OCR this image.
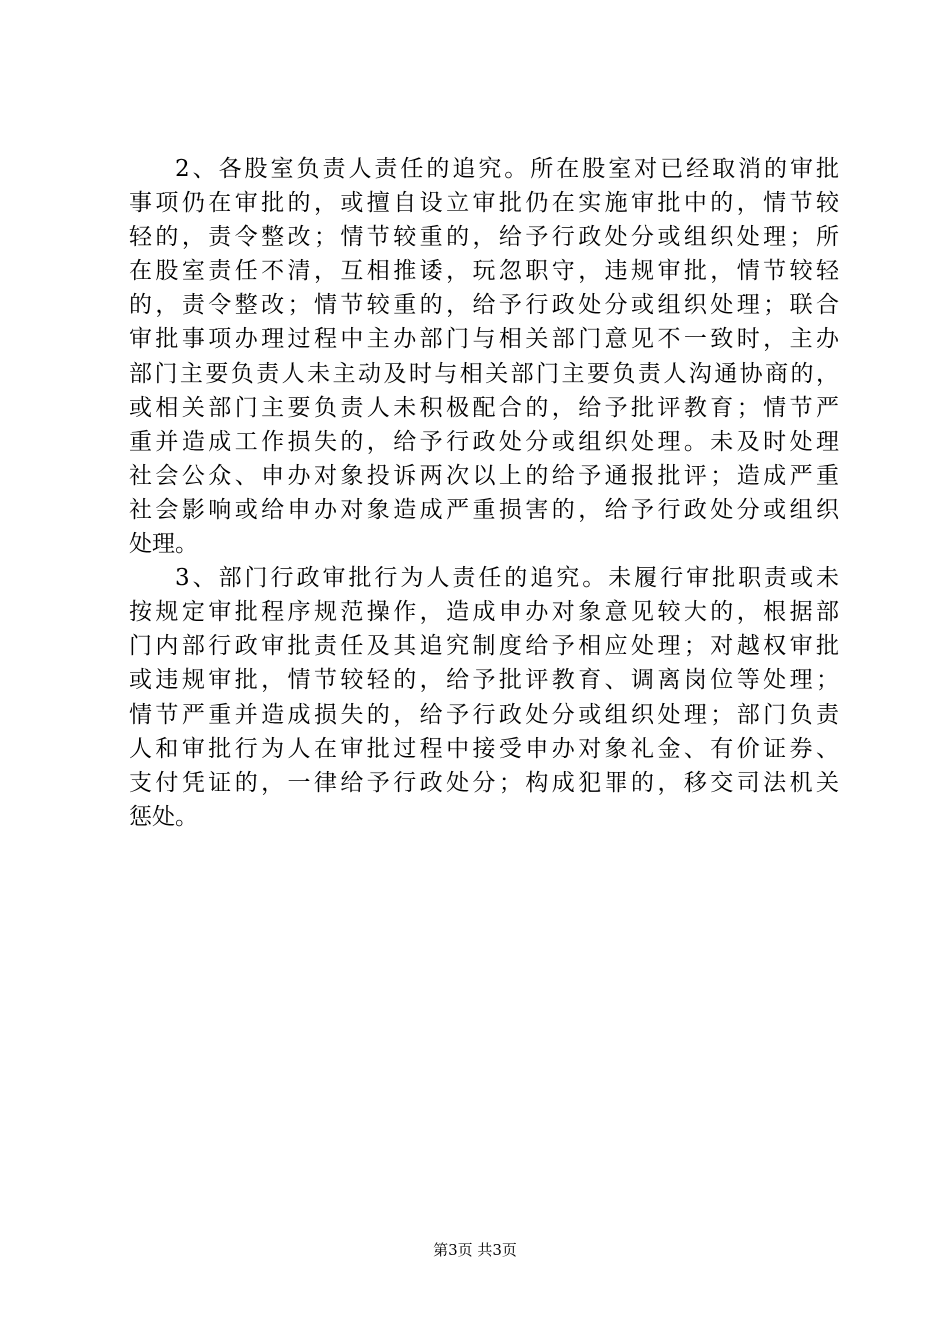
2、各股室负责人责任的追究。所在股室对已经取消的审批
事项仍在审批的，或擅自设立审批仍在实施审批中的，情节较
轻的，责令整改；情节较重的，给予行政处分或组织处理；所
在股室责任不清，互相推诿，玩忽职守，违规审批，情节较轻
的，责令整改；情节较重的，给予行政处分或组织处理；联合
审批事项办理过程中主办部门与相关部门意见不一致时，主办
部门主要负责人未主动及时与相关部门主要负责人沟通协商的，
或相关部门主要负责人未积极配合的，给予批评教育；情节严
重并造成工作损失的，给予行政处分或组织处理。未及时处理
社会公众、申办对象投诉两次以上的给予通报批评；造成严重
社会影响或给申办对象造成严重损害的，给予行政处分或组织
处理。
3、部门行政审批行为人责任的追究。未履行审批职责或未
按规定审批程序规范操作，造成申办对象意见较大的，根据部
门内部行政审批责任及其追究制度给予相应处理；对越权审批
或违规审批，情节较轻的，给予批评教育、调离岗位等处理；
情节严重并造成损失的，给予行政处分或组织处理；部门负责
人和审批行为人在审批过程中接受申办对象礼金、有价证券、
支付凭证的，一律给予行政处分；构成犯罪的，移交司法机关
惩处。
第3页 共3页
